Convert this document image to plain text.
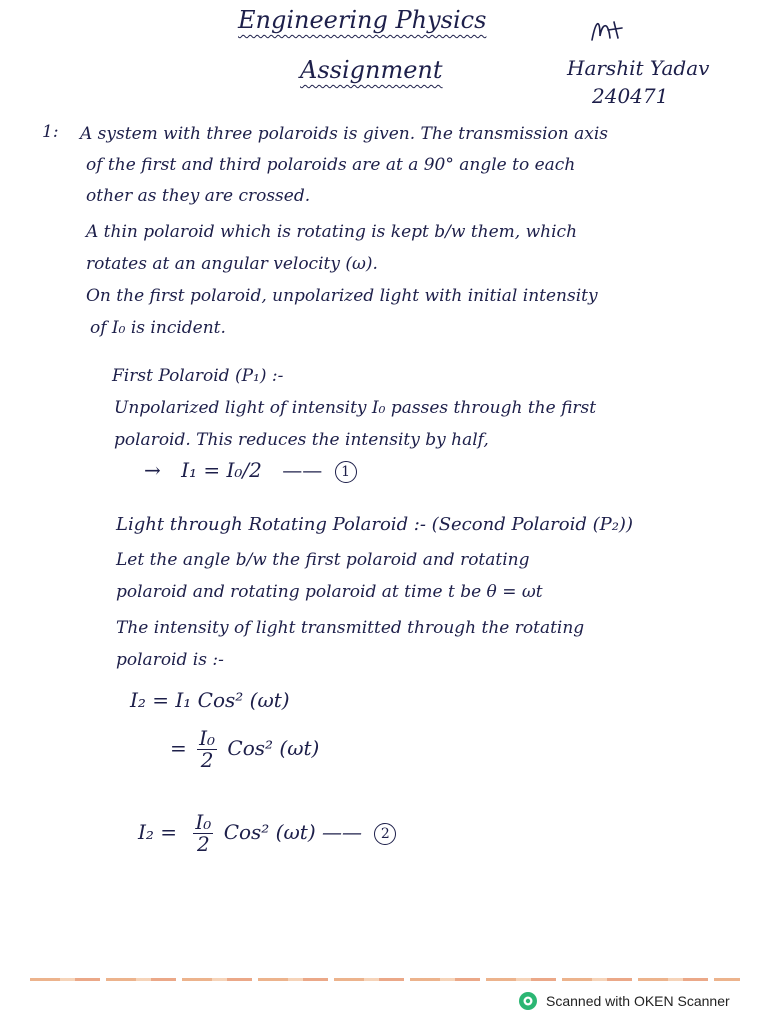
Engineering Physics
Assignment	Harshit Yadav
240471
1: A system with three polaroids is given. The transmission axis
of the first and third polaroids are at a 90° angle to each
other as they are crossed.
A thin polaroid which is rotating is kept b/w them, which
rotates at an angular velocity (ω).
On the first polaroid, unpolarized light with initial intensity
of I₀ is incident.
First Polaroid (P₁) :-
Unpolarized light of intensity I₀ passes through the first
polaroid. This reduces the intensity by half,
→ I₁ = I₀/2 —— 1
Light through Rotating Polaroid :- (Second Polaroid (P₂))
Let the angle b/w the first polaroid and rotating
polaroid and rotating polaroid at time t be θ = ωt
The intensity of light transmitted through the rotating
polaroid is :-
I₂ = I₁ Cos² (ωt)
= $\frac{\text{I₀}}{2} Cos^2$ (ωt)
$I_2 = \frac{\text{I₀}}{2} Cos^2$ (ωt) —— 2
Scanned with OKEN Scanner
